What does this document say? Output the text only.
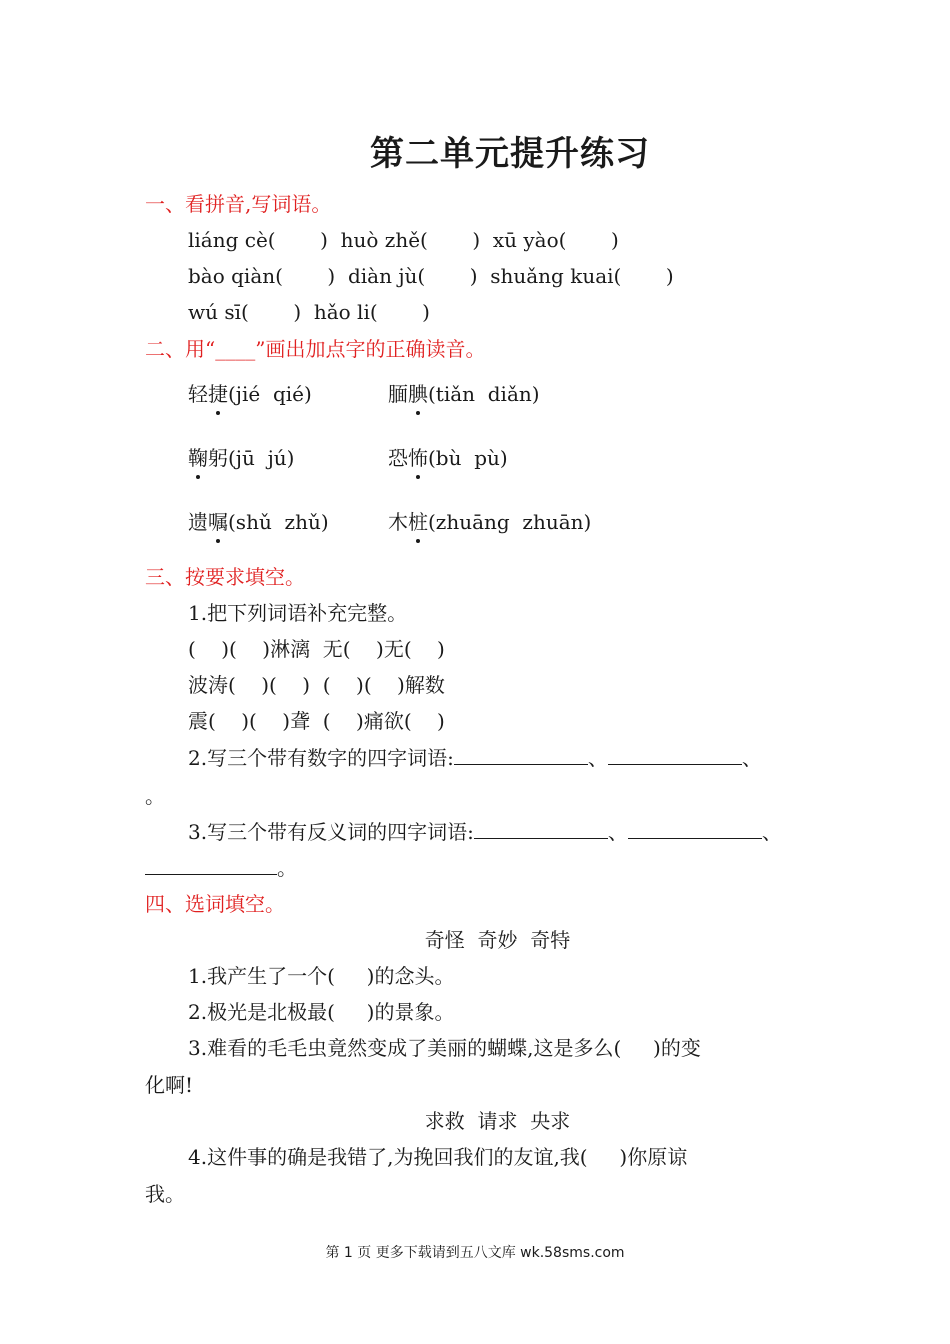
第二单元提升练习
一、看拼音,写词语。
liáng cè(       )  huò zhě(       )  xū yào(       )
bào qiàn(       )  diàn jù(       )  shuǎng kuai(       )
wú sī(       )  hǎo li(       )
二、用“____”画出加点字的正确读音。
轻捷(jié  qié)	腼腆(tiǎn  diǎn)
鞠躬(jū  jú)	恐怖(bù  pù)
遗嘱(shǔ  zhǔ)	木桩(zhuāng  zhuān)
三、按要求填空。
1.把下列词语补充完整。
(    )(    )淋漓  无(    )无(    )
波涛(    )(    )  (    )(    )解数
震(    )(    )聋  (    )痛欲(    )
2.写三个带有数字的四字词语:	、	、
。
3.写三个带有反义词的四字词语:	、	、
。
四、选词填空。
奇怪  奇妙  奇特
1.我产生了一个(     )的念头。
2.极光是北极最(     )的景象。
3.难看的毛毛虫竟然变成了美丽的蝴蝶,这是多么(     )的变
化啊!
求救  请求  央求
4.这件事的确是我错了,为挽回我们的友谊,我(     )你原谅
我。
第 1 页 更多下载请到五八文库 wk.58sms.com
